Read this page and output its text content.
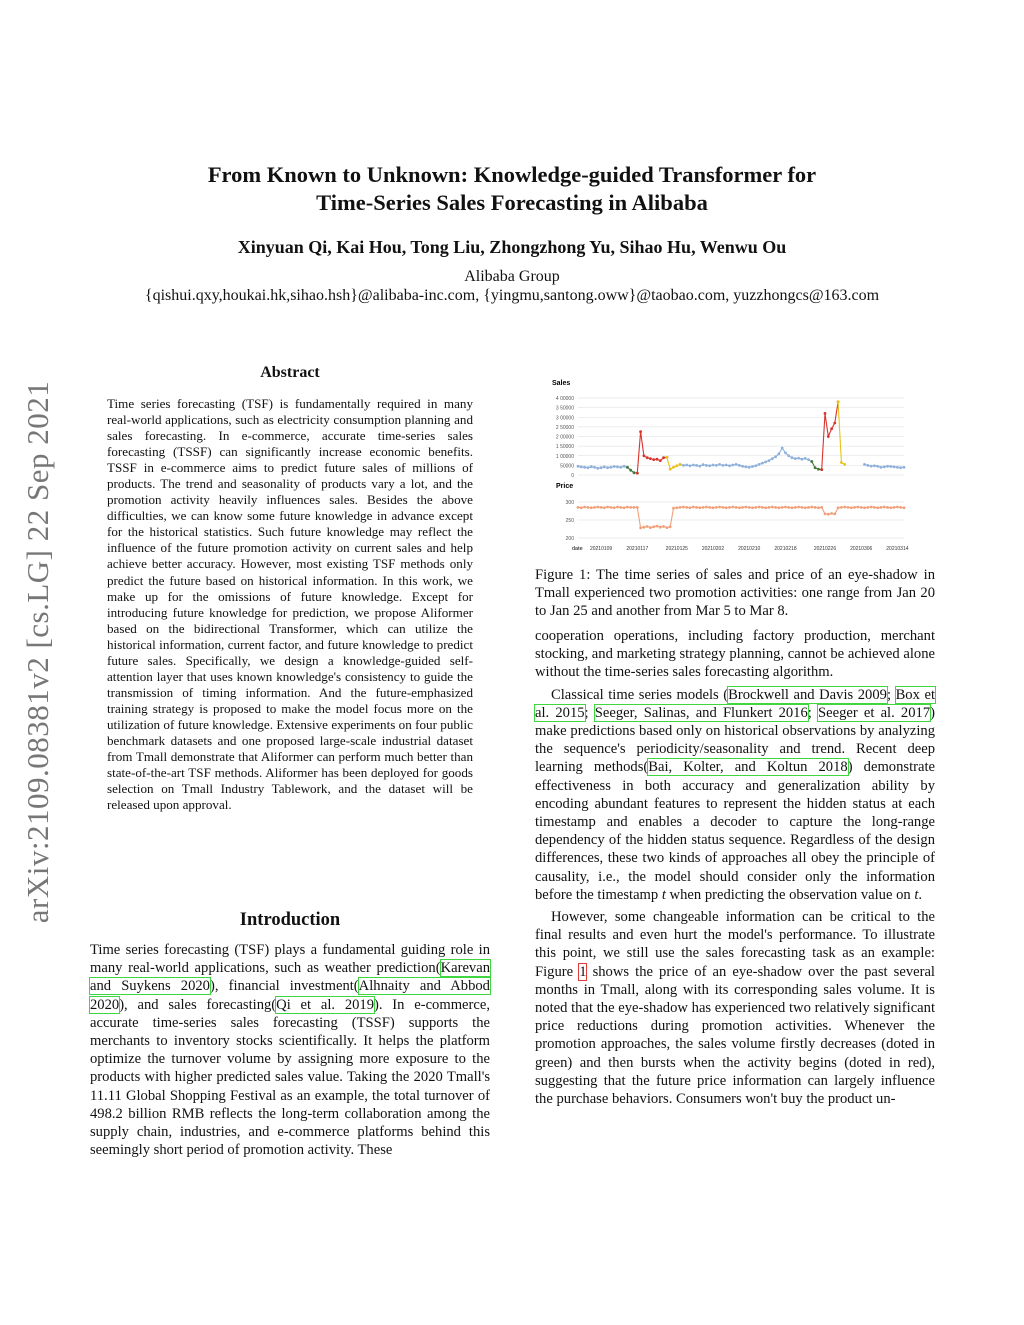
arXiv:2109.08381v2 [cs.LG] 22 Sep 2021
From Known to Unknown: Knowledge-guided Transformer for
Time-Series Sales Forecasting in Alibaba
Xinyuan Qi, Kai Hou, Tong Liu, Zhongzhong Yu, Sihao Hu, Wenwu Ou
Alibaba Group
{qishui.qxy,houkai.hk,sihao.hsh}@alibaba-inc.com, {yingmu,santong.oww}@taobao.com, yuzzhongcs@163.com
Abstract
Time series forecasting (TSF) is fundamentally required in many real-world applications, such as electricity consumption planning and sales forecasting. In e-commerce, accurate time-series sales forecasting (TSSF) can significantly increase economic benefits. TSSF in e-commerce aims to predict future sales of millions of products. The trend and seasonality of products vary a lot, and the promotion activity heavily influences sales. Besides the above difficulties, we can know some future knowledge in advance except for the historical statistics. Such future knowledge may reflect the influence of the future promotion activity on current sales and help achieve better accuracy. However, most existing TSF methods only predict the future based on historical information. In this work, we make up for the omissions of future knowledge. Except for introducing future knowledge for prediction, we propose Aliformer based on the bidirectional Transformer, which can utilize the historical information, current factor, and future knowledge to predict future sales. Specifically, we design a knowledge-guided self-attention layer that uses known knowledge's consistency to guide the transmission of timing information. And the future-emphasized training strategy is proposed to make the model focus more on the utilization of future knowledge. Extensive experiments on four public benchmark datasets and one proposed large-scale industrial dataset from Tmall demonstrate that Aliformer can perform much better than state-of-the-art TSF methods. Aliformer has been deployed for goods selection on Tmall Industry Tablework, and the dataset will be released upon approval.
Introduction

Time series forecasting (TSF) plays a fundamental guiding role in many real-world applications, such as weather prediction(Karevan and Suykens 2020), financial investment(Alhnaity and Abbod 2020), and sales forecasting(Qi et al. 2019). In e-commerce, accurate time-series sales forecasting (TSSF) supports the merchants to inventory stocks scientifically. It helps the platform optimize the turnover volume by assigning more exposure to the products with higher predicted sales value. Taking the 2020 Tmall's 11.11 Global Shopping Festival as an example, the total turnover of 498.2 billion RMB reflects the long-term collaboration among the supply chain, industries, and e-commerce platforms behind this seemingly short period of promotion activity. These

0
50000
1 00000
1 50000
2 00000
2 50000
3 00000
3 50000
4 00000
200
250
300
20210109	20210117	20210125	20210202	20210210	20210218	20210226	20210306	20210314
Sales
Price
date
Figure 1: The time series of sales and price of an eye-shadow in Tmall experienced two promotion activities: one range from Jan 20 to Jan 25 and another from Mar 5 to Mar 8.

cooperation operations, including factory production, merchant stocking, and marketing strategy planning, cannot be achieved alone without the time-series sales forecasting algorithm.

Classical time series models (Brockwell and Davis 2009; Box et al. 2015; Seeger, Salinas, and Flunkert 2016; Seeger et al. 2017) make predictions based only on historical observations by analyzing the sequence's periodicity/seasonality and trend. Recent deep learning methods(Bai, Kolter, and Koltun 2018) demonstrate effectiveness in both accuracy and generalization ability by encoding abundant features to represent the hidden status at each timestamp and enables a decoder to capture the long-range dependency of the hidden status sequence. Regardless of the design differences, these two kinds of approaches all obey the principle of causality, i.e., the model should consider only the information before the timestamp t when predicting the observation value on t.

However, some changeable information can be critical to the final results and even hurt the model's performance. To illustrate this point, we still use the sales forecasting task as an example: Figure 1 shows the price of an eye-shadow over the past several months in Tmall, along with its corresponding sales volume. It is noted that the eye-shadow has experienced two relatively significant price reductions during promotion activities. Whenever the promotion approaches, the sales volume firstly decreases (doted in green) and then bursts when the activity begins (doted in red), suggesting that the future price information can largely influence the purchase behaviors. Consumers won't buy the product un-
